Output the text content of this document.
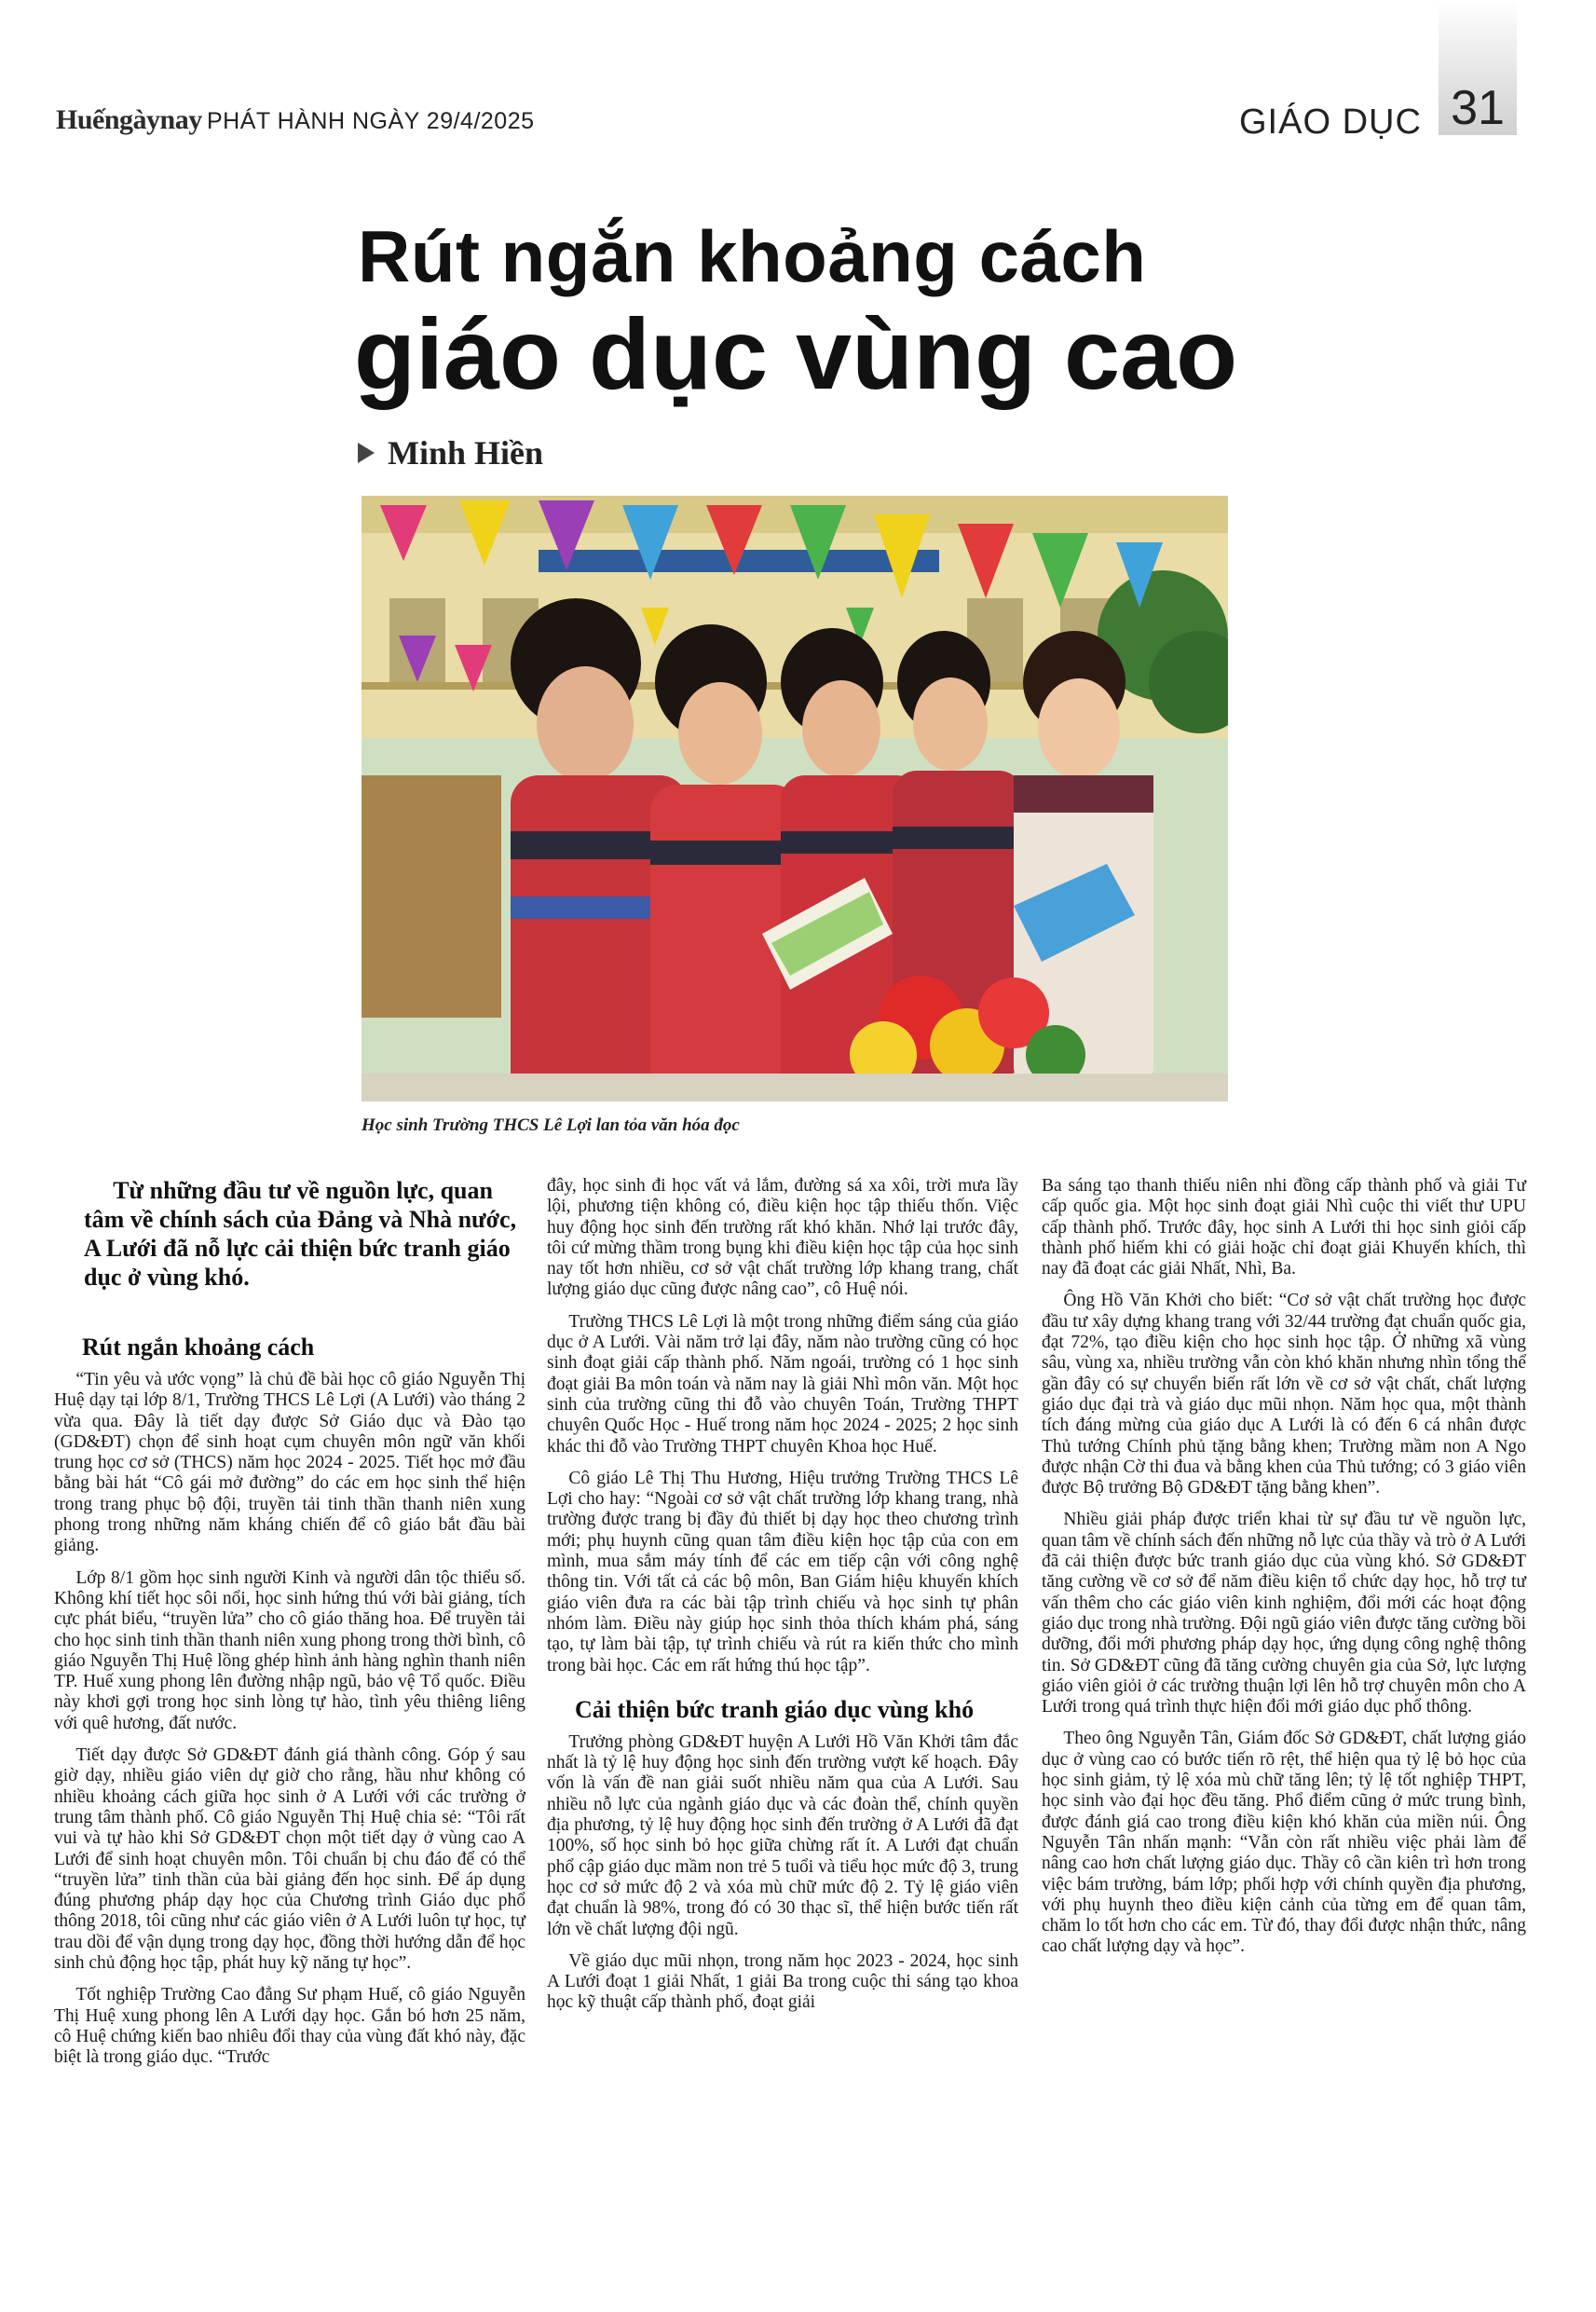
Huếngàynay PHÁT HÀNH NGÀY 29/4/2025	GIÁO DỤC 31
Rút ngắn khoảng cách
giáo dục vùng cao
Minh Hiền
Học sinh Trường THCS Lê Lợi lan tỏa văn hóa đọc
Từ những đầu tư về nguồn lực, quan tâm về chính sách của Đảng và Nhà nước, A Lưới đã nỗ lực cải thiện bức tranh giáo dục ở vùng khó.
Rút ngắn khoảng cách

“Tin yêu và ước vọng” là chủ đề bài học cô giáo Nguyễn Thị Huệ dạy tại lớp 8/1, Trường THCS Lê Lợi (A Lưới) vào tháng 2 vừa qua. Đây là tiết dạy được Sở Giáo dục và Đào tạo (GD&ĐT) chọn để sinh hoạt cụm chuyên môn ngữ văn khối trung học cơ sở (THCS) năm học 2024 - 2025. Tiết học mở đầu bằng bài hát “Cô gái mở đường” do các em học sinh thể hiện trong trang phục bộ đội, truyền tải tinh thần thanh niên xung phong trong những năm kháng chiến để cô giáo bắt đầu bài giảng.

Lớp 8/1 gồm học sinh người Kinh và người dân tộc thiểu số. Không khí tiết học sôi nổi, học sinh hứng thú với bài giảng, tích cực phát biểu, “truyền lửa” cho cô giáo thăng hoa. Để truyền tải cho học sinh tinh thần thanh niên xung phong trong thời bình, cô giáo Nguyễn Thị Huệ lồng ghép hình ảnh hàng nghìn thanh niên TP. Huế xung phong lên đường nhập ngũ, bảo vệ Tổ quốc. Điều này khơi gợi trong học sinh lòng tự hào, tình yêu thiêng liêng với quê hương, đất nước.

Tiết dạy được Sở GD&ĐT đánh giá thành công. Góp ý sau giờ dạy, nhiều giáo viên dự giờ cho rằng, hầu như không có nhiều khoảng cách giữa học sinh ở A Lưới với các trường ở trung tâm thành phố. Cô giáo Nguyễn Thị Huệ chia sẻ: “Tôi rất vui và tự hào khi Sở GD&ĐT chọn một tiết dạy ở vùng cao A Lưới để sinh hoạt chuyên môn. Tôi chuẩn bị chu đáo để có thể “truyền lửa” tinh thần của bài giảng đến học sinh. Để áp dụng đúng phương pháp dạy học của Chương trình Giáo dục phổ thông 2018, tôi cũng như các giáo viên ở A Lưới luôn tự học, tự trau dồi để vận dụng trong dạy học, đồng thời hướng dẫn để học sinh chủ động học tập, phát huy kỹ năng tự học”.

Tốt nghiệp Trường Cao đẳng Sư phạm Huế, cô giáo Nguyễn Thị Huệ xung phong lên A Lưới dạy học. Gắn bó hơn 25 năm, cô Huệ chứng kiến bao nhiêu đổi thay của vùng đất khó này, đặc biệt là trong giáo dục. “Trước

đây, học sinh đi học vất vả lắm, đường sá xa xôi, trời mưa lầy lội, phương tiện không có, điều kiện học tập thiếu thốn. Việc huy động học sinh đến trường rất khó khăn. Nhớ lại trước đây, tôi cứ mừng thầm trong bụng khi điều kiện học tập của học sinh nay tốt hơn nhiều, cơ sở vật chất trường lớp khang trang, chất lượng giáo dục cũng được nâng cao”, cô Huệ nói.

Trường THCS Lê Lợi là một trong những điểm sáng của giáo dục ở A Lưới. Vài năm trở lại đây, năm nào trường cũng có học sinh đoạt giải cấp thành phố. Năm ngoái, trường có 1 học sinh đoạt giải Ba môn toán và năm nay là giải Nhì môn văn. Một học sinh của trường cũng thi đỗ vào chuyên Toán, Trường THPT chuyên Quốc Học - Huế trong năm học 2024 - 2025; 2 học sinh khác thi đỗ vào Trường THPT chuyên Khoa học Huế.

Cô giáo Lê Thị Thu Hương, Hiệu trưởng Trường THCS Lê Lợi cho hay: “Ngoài cơ sở vật chất trường lớp khang trang, nhà trường được trang bị đầy đủ thiết bị dạy học theo chương trình mới; phụ huynh cũng quan tâm điều kiện học tập của con em mình, mua sắm máy tính để các em tiếp cận với công nghệ thông tin. Với tất cả các bộ môn, Ban Giám hiệu khuyến khích giáo viên đưa ra các bài tập trình chiếu và học sinh tự phân nhóm làm. Điều này giúp học sinh thỏa thích khám phá, sáng tạo, tự làm bài tập, tự trình chiếu và rút ra kiến thức cho mình trong bài học. Các em rất hứng thú học tập”.

Cải thiện bức tranh giáo dục vùng khó

Trưởng phòng GD&ĐT huyện A Lưới Hồ Văn Khởi tâm đắc nhất là tỷ lệ huy động học sinh đến trường vượt kế hoạch. Đây vốn là vấn đề nan giải suốt nhiều năm qua của A Lưới. Sau nhiều nỗ lực của ngành giáo dục và các đoàn thể, chính quyền địa phương, tỷ lệ huy động học sinh đến trường ở A Lưới đã đạt 100%, số học sinh bỏ học giữa chừng rất ít. A Lưới đạt chuẩn phổ cập giáo dục mầm non trẻ 5 tuổi và tiểu học mức độ 3, trung học cơ sở mức độ 2 và xóa mù chữ mức độ 2. Tỷ lệ giáo viên đạt chuẩn là 98%, trong đó có 30 thạc sĩ, thể hiện bước tiến rất lớn về chất lượng đội ngũ.

Về giáo dục mũi nhọn, trong năm học 2023 - 2024, học sinh A Lưới đoạt 1 giải Nhất, 1 giải Ba trong cuộc thi sáng tạo khoa học kỹ thuật cấp thành phố, đoạt giải

Ba sáng tạo thanh thiếu niên nhi đồng cấp thành phố và giải Tư cấp quốc gia. Một học sinh đoạt giải Nhì cuộc thi viết thư UPU cấp thành phố. Trước đây, học sinh A Lưới thi học sinh giỏi cấp thành phố hiếm khi có giải hoặc chỉ đoạt giải Khuyến khích, thì nay đã đoạt các giải Nhất, Nhì, Ba.

Ông Hồ Văn Khởi cho biết: “Cơ sở vật chất trường học được đầu tư xây dựng khang trang với 32/44 trường đạt chuẩn quốc gia, đạt 72%, tạo điều kiện cho học sinh học tập. Ở những xã vùng sâu, vùng xa, nhiều trường vẫn còn khó khăn nhưng nhìn tổng thể gần đây có sự chuyển biến rất lớn về cơ sở vật chất, chất lượng giáo dục đại trà và giáo dục mũi nhọn. Năm học qua, một thành tích đáng mừng của giáo dục A Lưới là có đến 6 cá nhân được Thủ tướng Chính phủ tặng bằng khen; Trường mầm non A Ngo được nhận Cờ thi đua và bằng khen của Thủ tướng; có 3 giáo viên được Bộ trưởng Bộ GD&ĐT tặng bằng khen”.

Nhiều giải pháp được triển khai từ sự đầu tư về nguồn lực, quan tâm về chính sách đến những nỗ lực của thầy và trò ở A Lưới đã cải thiện được bức tranh giáo dục của vùng khó. Sở GD&ĐT tăng cường về cơ sở để năm điều kiện tổ chức dạy học, hỗ trợ tư vấn thêm cho các giáo viên kinh nghiệm, đổi mới các hoạt động giáo dục trong nhà trường. Đội ngũ giáo viên được tăng cường bồi dưỡng, đổi mới phương pháp dạy học, ứng dụng công nghệ thông tin. Sở GD&ĐT cũng đã tăng cường chuyên gia của Sở, lực lượng giáo viên giỏi ở các trường thuận lợi lên hỗ trợ chuyên môn cho A Lưới trong quá trình thực hiện đổi mới giáo dục phổ thông.

Theo ông Nguyễn Tân, Giám đốc Sở GD&ĐT, chất lượng giáo dục ở vùng cao có bước tiến rõ rệt, thể hiện qua tỷ lệ bỏ học của học sinh giảm, tỷ lệ xóa mù chữ tăng lên; tỷ lệ tốt nghiệp THPT, học sinh vào đại học đều tăng. Phổ điểm cũng ở mức trung bình, được đánh giá cao trong điều kiện khó khăn của miền núi. Ông Nguyễn Tân nhấn mạnh: “Vẫn còn rất nhiều việc phải làm để nâng cao hơn chất lượng giáo dục. Thầy cô cần kiên trì hơn trong việc bám trường, bám lớp; phối hợp với chính quyền địa phương, với phụ huynh theo điều kiện cảnh của từng em để quan tâm, chăm lo tốt hơn cho các em. Từ đó, thay đổi được nhận thức, nâng cao chất lượng dạy và học”.
